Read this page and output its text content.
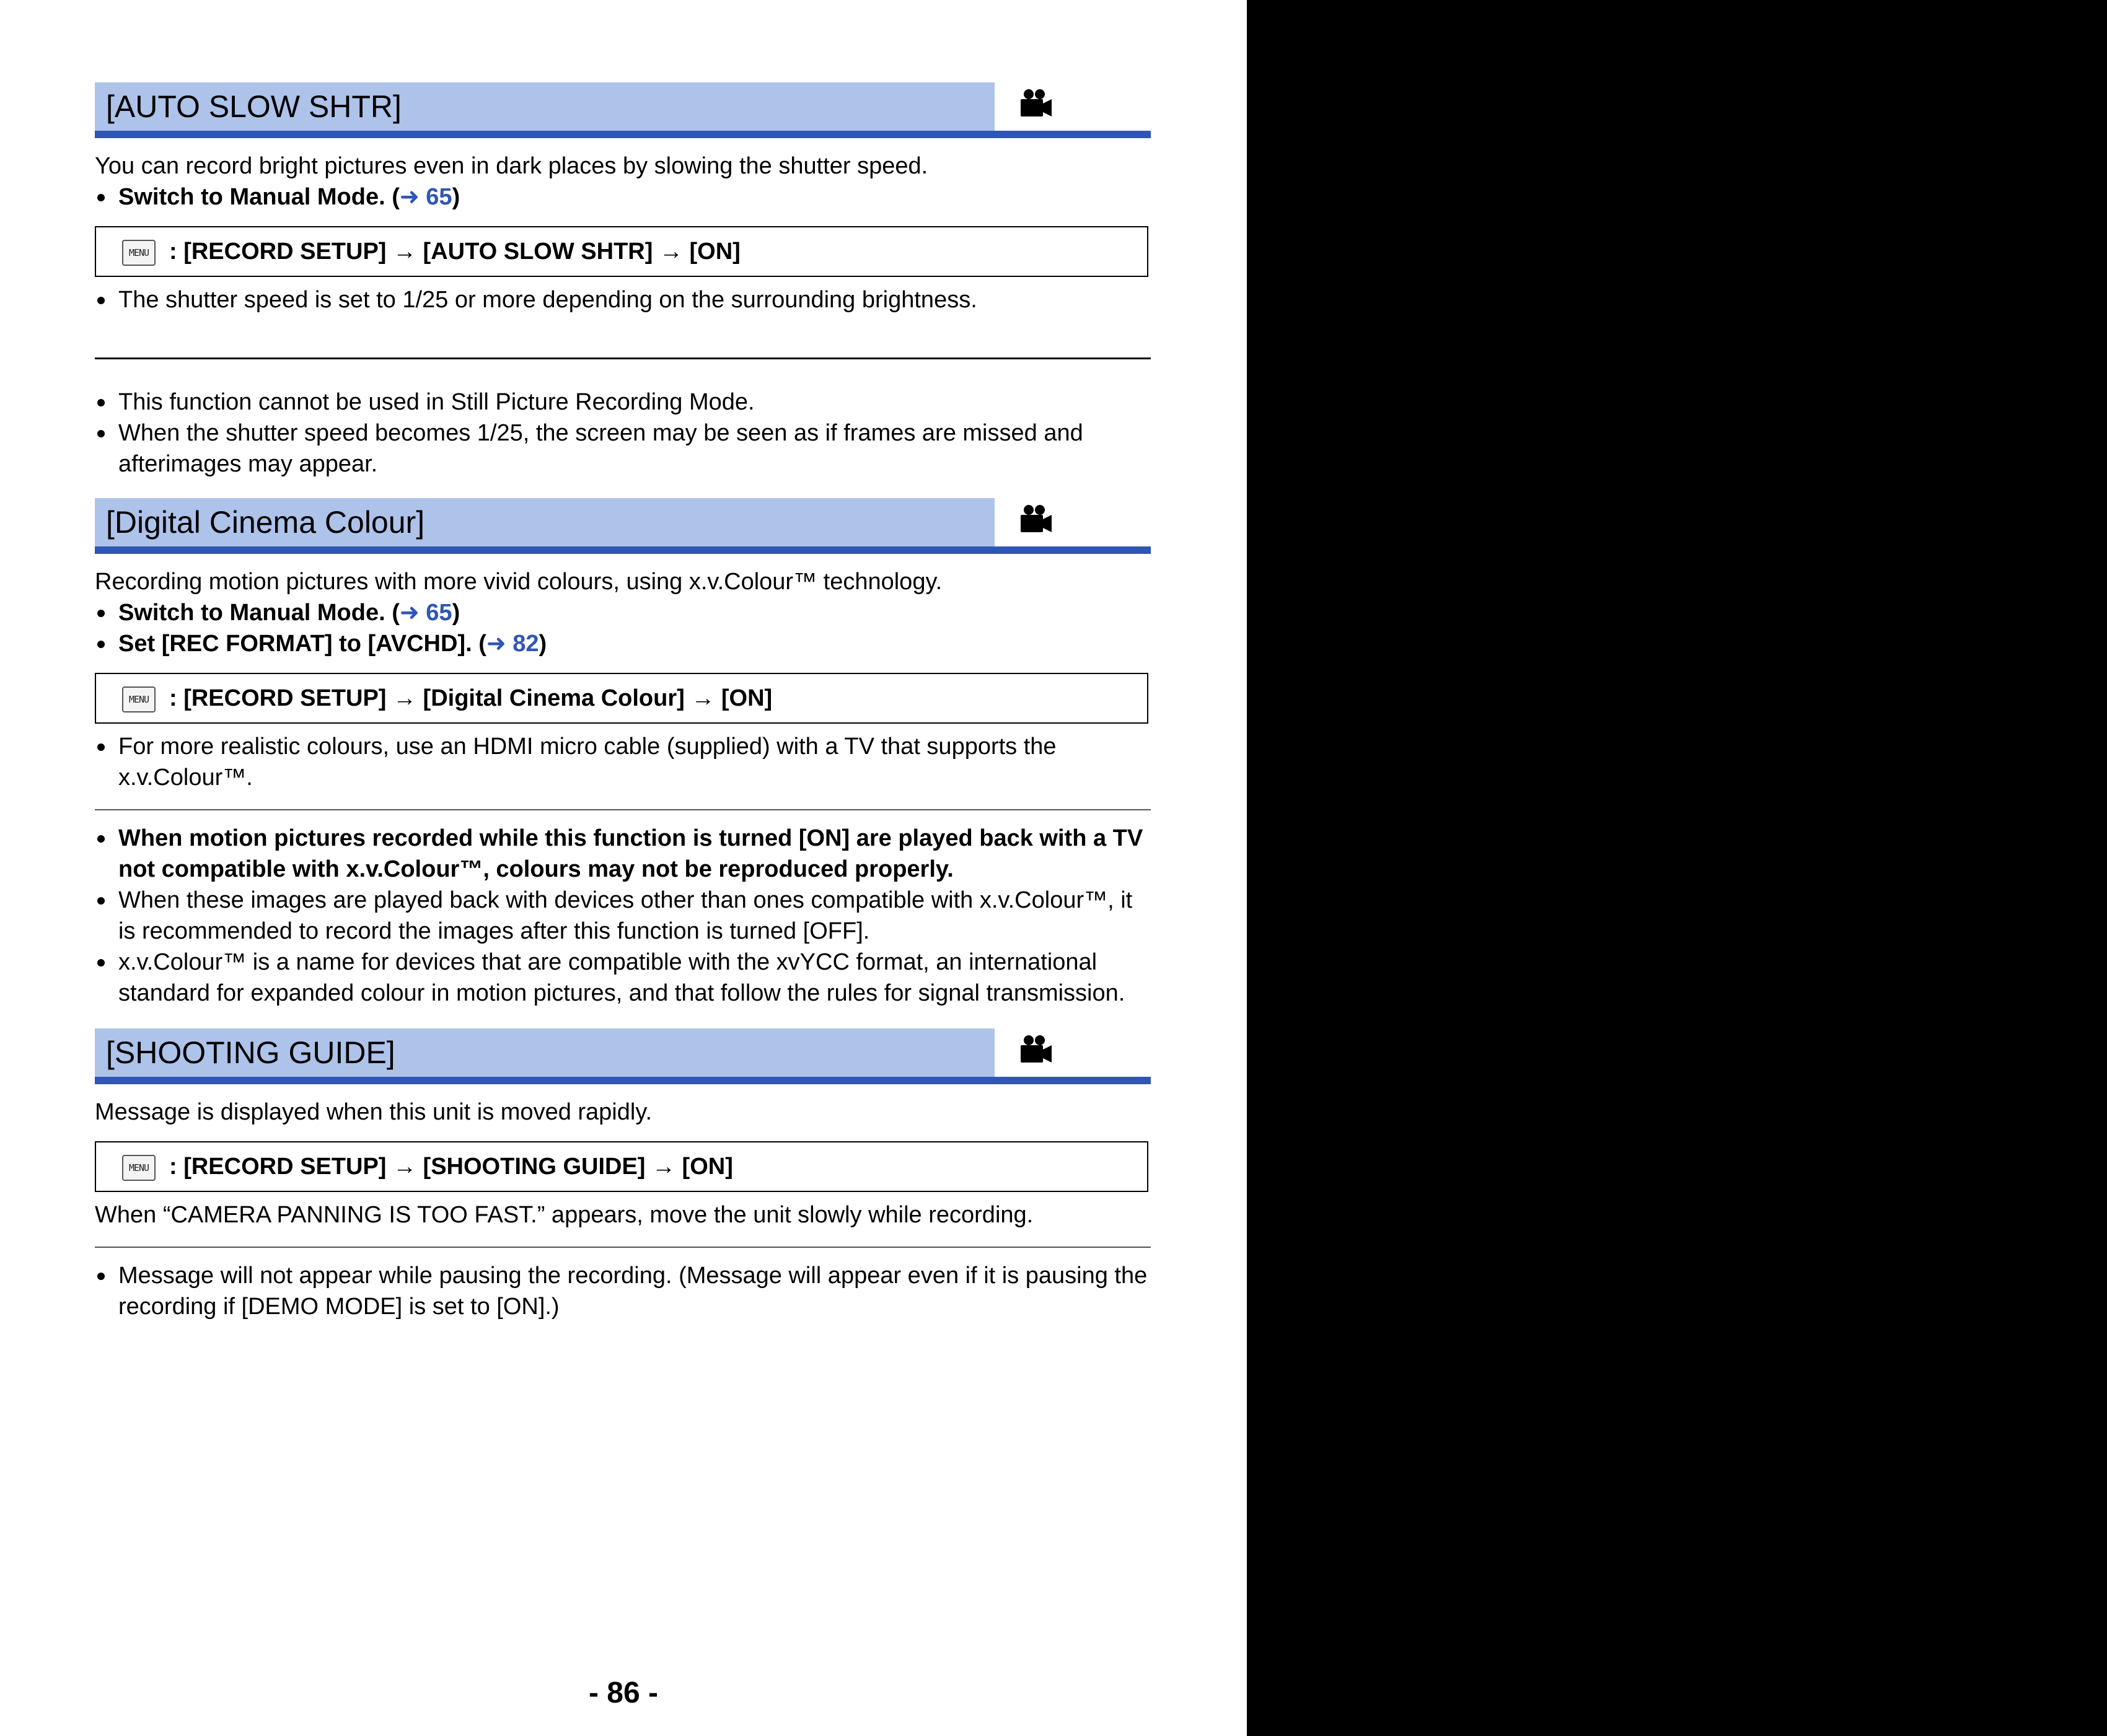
[AUTO SLOW SHTR]
You can record bright pictures even in dark places by slowing the shutter speed.
Switch to Manual Mode. (➜ 65)
MENU : [RECORD SETUP] → [AUTO SLOW SHTR] → [ON]
The shutter speed is set to 1/25 or more depending on the surrounding brightness.
This function cannot be used in Still Picture Recording Mode.
When the shutter speed becomes 1/25, the screen may be seen as if frames are missed and afterimages may appear.
[Digital Cinema Colour]
Recording motion pictures with more vivid colours, using x.v.Colour™ technology.
Switch to Manual Mode. (➜ 65)
Set [REC FORMAT] to [AVCHD]. (➜ 82)
MENU : [RECORD SETUP] → [Digital Cinema Colour] → [ON]
For more realistic colours, use an HDMI micro cable (supplied) with a TV that supports the x.v.Colour™.
When motion pictures recorded while this function is turned [ON] are played back with a TV not compatible with x.v.Colour™, colours may not be reproduced properly.
When these images are played back with devices other than ones compatible with x.v.Colour™, it is recommended to record the images after this function is turned [OFF].
x.v.Colour™ is a name for devices that are compatible with the xvYCC format, an international standard for expanded colour in motion pictures, and that follow the rules for signal transmission.
[SHOOTING GUIDE]
Message is displayed when this unit is moved rapidly.
MENU : [RECORD SETUP] → [SHOOTING GUIDE] → [ON]
When “CAMERA PANNING IS TOO FAST.” appears, move the unit slowly while recording.
Message will not appear while pausing the recording. (Message will appear even if it is pausing the recording if [DEMO MODE] is set to [ON].)
- 86 -
